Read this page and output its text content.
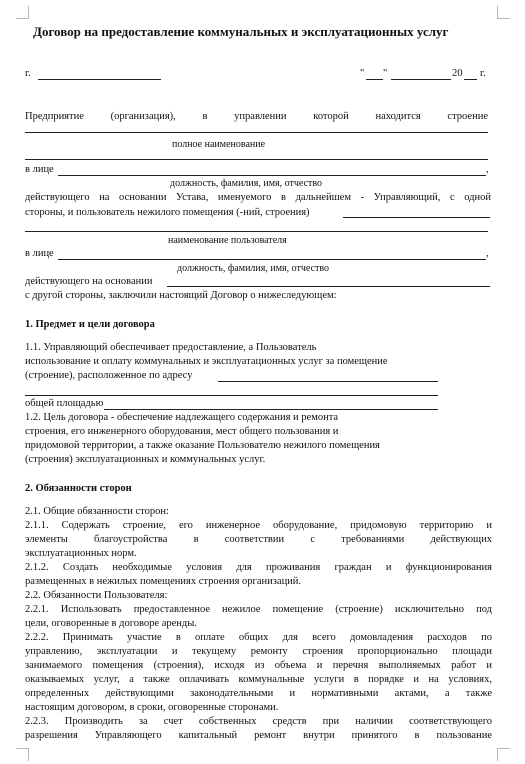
Договор на предоставление коммунальных и эксплуатационных услуг
г.	" "	20 г.
Предприятие (организация), в управлении которой находится строение
полное наименование
в лице	,
должность, фамилия, имя, отчество
действующего на основании Устава, именуемого в дальнейшем - Управляющий, с одной
стороны, и пользователь нежилого помещения (-ний, строения)
наименование пользователя
в лице	,
должность, фамилия, имя, отчество
действующего на основании
с другой стороны, заключили настоящий Договор о нижеследующем:
1. Предмет и цели договора
1.1. Управляющий обеспечивает предоставление, а Пользователь
использование и оплату коммунальных и эксплуатационных услуг за помещение
(строение), расположенное по адресу
общей площадью
1.2. Цель договора - обеспечение надлежащего содержания и ремонта
строения, его инженерного оборудования, мест общего пользования и
придомовой территории, а также оказание Пользователю нежилого помещения
(строения) эксплуатационных и коммунальных услуг.
2. Обязанности сторон
2.1. Общие обязанности сторон:
2.1.1. Содержать строение, его инженерное оборудование, придомовую территорию и
элементы благоустройства в соответствии с требованиями действующих
эксплуатационных норм.
2.1.2. Создать необходимые условия для проживания граждан и функционирования
размещенных в нежилых помещениях строения организаций.
2.2. Обязанности Пользователя:
2.2.1. Использовать предоставленное нежилое помещение (строение) исключительно под
цели, оговоренные в договоре аренды.
2.2.2. Принимать участие в оплате общих для всего домовладения расходов по
управлению, эксплуатации и текущему ремонту строения пропорционально площади
занимаемого помещения (строения), исходя из объема и перечня выполняемых работ и
оказываемых услуг, а также оплачивать коммунальные услуги в порядке и на условиях,
определенных действующими законодательными и нормативными актами, а также
настоящим договором, в сроки, оговоренные сторонами.
2.2.3. Производить за счет собственных средств при наличии соответствующего
разрешения Управляющего капитальный ремонт внутри принятого в пользование
